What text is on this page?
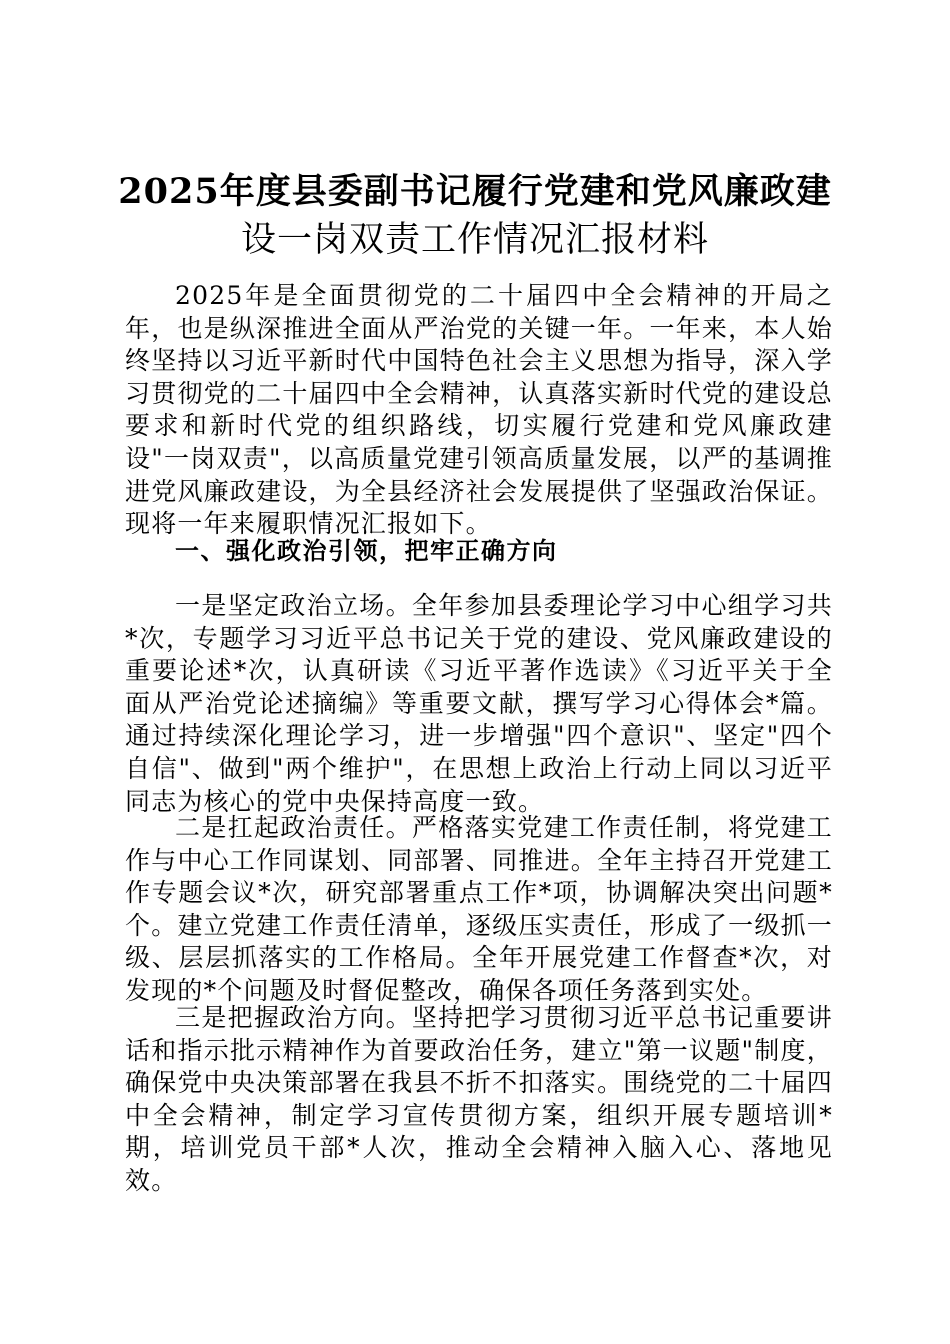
2025年度县委副书记履行党建和党风廉政建
设一岗双责工作情况汇报材料

2025年是全面贯彻党的二十届四中全会精神的开局之年，也是纵深推进全面从严治党的关键一年。一年来，本人始终坚持以习近平新时代中国特色社会主义思想为指导，深入学习贯彻党的二十届四中全会精神，认真落实新时代党的建设总要求和新时代党的组织路线，切实履行党建和党风廉政建设"一岗双责"，以高质量党建引领高质量发展，以严的基调推进党风廉政建设，为全县经济社会发展提供了坚强政治保证。现将一年来履职情况汇报如下。

一、强化政治引领，把牢正确方向

一是坚定政治立场。全年参加县委理论学习中心组学习共*次，专题学习习近平总书记关于党的建设、党风廉政建设的重要论述*次，认真研读《习近平著作选读》《习近平关于全面从严治党论述摘编》等重要文献，撰写学习心得体会*篇。通过持续深化理论学习，进一步增强"四个意识"、坚定"四个自信"、做到"两个维护"，在思想上政治上行动上同以习近平同志为核心的党中央保持高度一致。

二是扛起政治责任。严格落实党建工作责任制，将党建工作与中心工作同谋划、同部署、同推进。全年主持召开党建工作专题会议*次，研究部署重点工作*项，协调解决突出问题*个。建立党建工作责任清单，逐级压实责任，形成了一级抓一级、层层抓落实的工作格局。全年开展党建工作督查*次，对发现的*个问题及时督促整改，确保各项任务落到实处。

三是把握政治方向。坚持把学习贯彻习近平总书记重要讲话和指示批示精神作为首要政治任务，建立"第一议题"制度，确保党中央决策部署在我县不折不扣落实。围绕党的二十届四中全会精神，制定学习宣传贯彻方案，组织开展专题培训*期，培训党员干部*人次，推动全会精神入脑入心、落地见效。
